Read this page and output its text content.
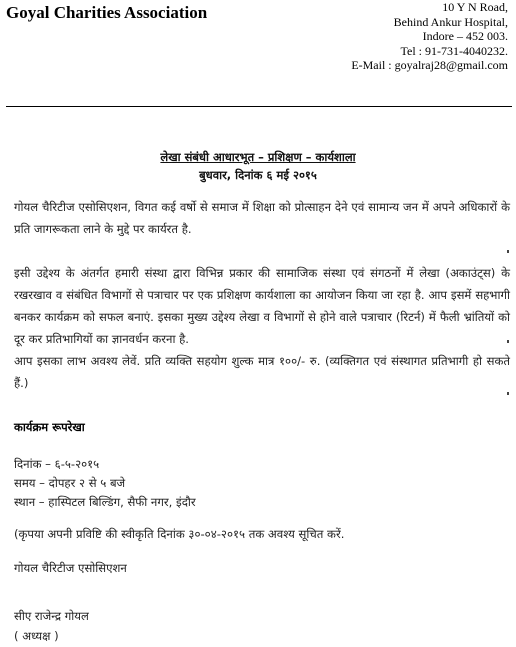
Goyal Charities Association	10 Y N Road,
Behind Ankur Hospital,
Indore – 452 003.
Tel : 91-731-4040232.
E-Mail : goyalraj28@gmail.com
लेखा संबंधी आधारभूत – प्रशिक्षण – कार्यशाला
बुधवार, दिनांक ६ मई २०१५
गोयल चैरिटीज एसोसिएशन, विगत कई वर्षो से समाज में शिक्षा को प्रोत्साहन देने एवं सामान्य जन में अपने अधिकारों के प्रति जागरूकता लाने के मुद्दे पर कार्यरत है.
इसी उद्देश्य के अंतर्गत हमारी संस्था द्वारा विभिन्न प्रकार की सामाजिक संस्था एवं संगठनों में लेखा (अकाउंट्स) के रखरखाव व संबंधित विभागों से पत्राचार पर एक प्रशिक्षण कार्यशाला का आयोजन किया जा रहा है. आप इसमें सहभागी बनकर कार्यक्रम को सफल बनाएं. इसका मुख्य उद्देश्य लेखा व विभागों से होने वाले पत्राचार (रिटर्न) में फैली भ्रांतियों को दूर कर प्रतिभागियों का ज्ञानवर्धन करना है.
आप इसका लाभ अवश्य लेवें. प्रति व्यक्ति सहयोग शुल्क मात्र १००/- रु. (व्यक्तिगत एवं संस्थागत प्रतिभागी हो सकते हैं.)
कार्यक्रम रूपरेखा
दिनांक – ६-५-२०१५
समय – दोपहर २ से ५ बजे
स्थान – हास्पिटल बिल्डिंग, सैफी नगर, इंदौर
(कृपया अपनी प्रविष्टि की स्वीकृति दिनांक ३०-०४-२०१५ तक अवश्य सूचित करें.
गोयल चैरिटीज एसोसिएशन
सीए राजेन्द्र गोयल
( अध्यक्ष )
